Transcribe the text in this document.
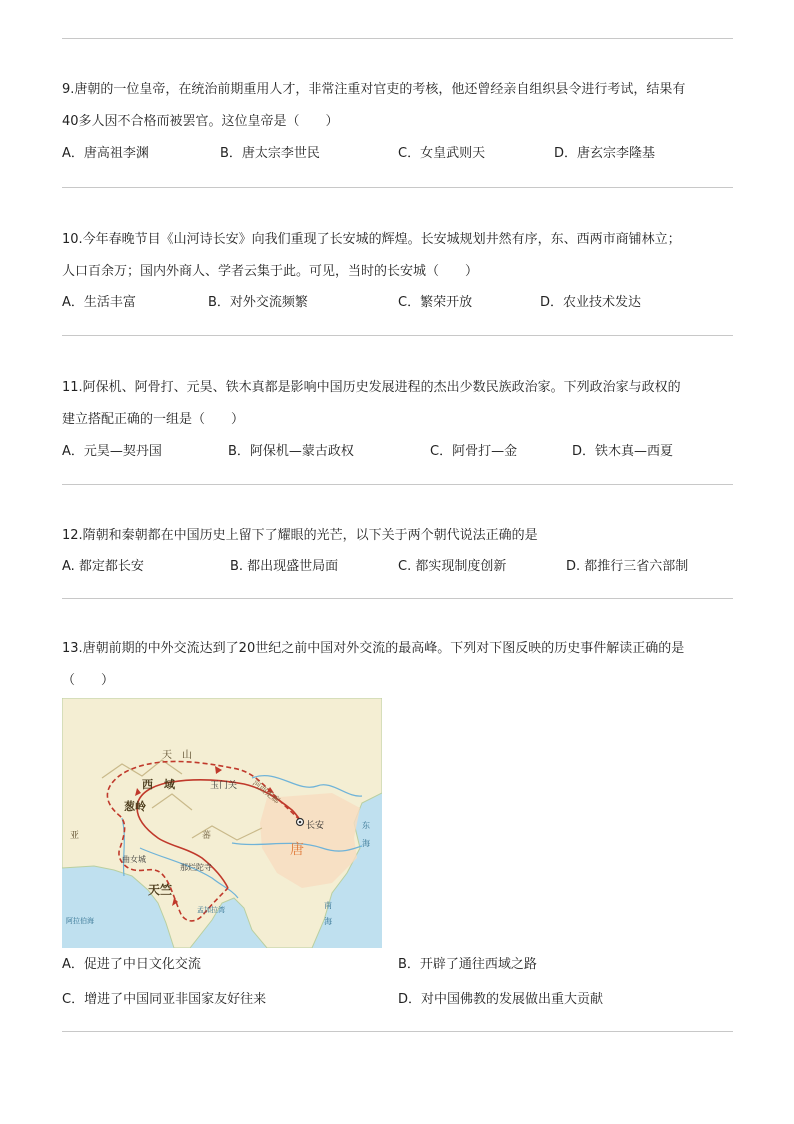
9.唐朝的一位皇帝，在统治前期重用人才，非常注重对官吏的考核，他还曾经亲自组织县令进行考试，结果有

40多人因不合格而被罢官。这位皇帝是（　　）

A．唐高祖李渊	B．唐太宗李世民	C．女皇武则天	D．唐玄宗李隆基

10.今年春晚节目《山河诗长安》向我们重现了长安城的辉煌。长安城规划井然有序，东、西两市商铺林立；

人口百余万；国内外商人、学者云集于此。可见，当时的长安城（　　）

A．生活丰富	B．对外交流频繁	C．繁荣开放	D．农业技术发达

11.阿保机、阿骨打、元昊、铁木真都是影响中国历史发展进程的杰出少数民族政治家。下列政治家与政权的

建立搭配正确的一组是（　　）

A．元昊—契丹国	B．阿保机—蒙古政权	C．阿骨打—金	D．铁木真—西夏

12.隋朝和秦朝都在中国历史上留下了耀眼的光芒，以下关于两个朝代说法正确的是

A. 都定都长安	B. 都出现盛世局面	C. 都实现制度创新	D. 都推行三省六部制

13.唐朝前期的中外交流达到了20世纪之前中国对外交流的最高峰。下列对下图反映的历史事件解读正确的是

（　　）

天　山
西　域	玉门关 河西走廊
葱岭
长安
唐
蕃
曲女城
那烂陀寺
天竺
孟加拉湾
阿拉伯海
亚
东
海
南
海
A．促进了中日文化交流	B．开辟了通往西域之路
C．增进了中国同亚非国家友好往来	D．对中国佛教的发展做出重大贡献
